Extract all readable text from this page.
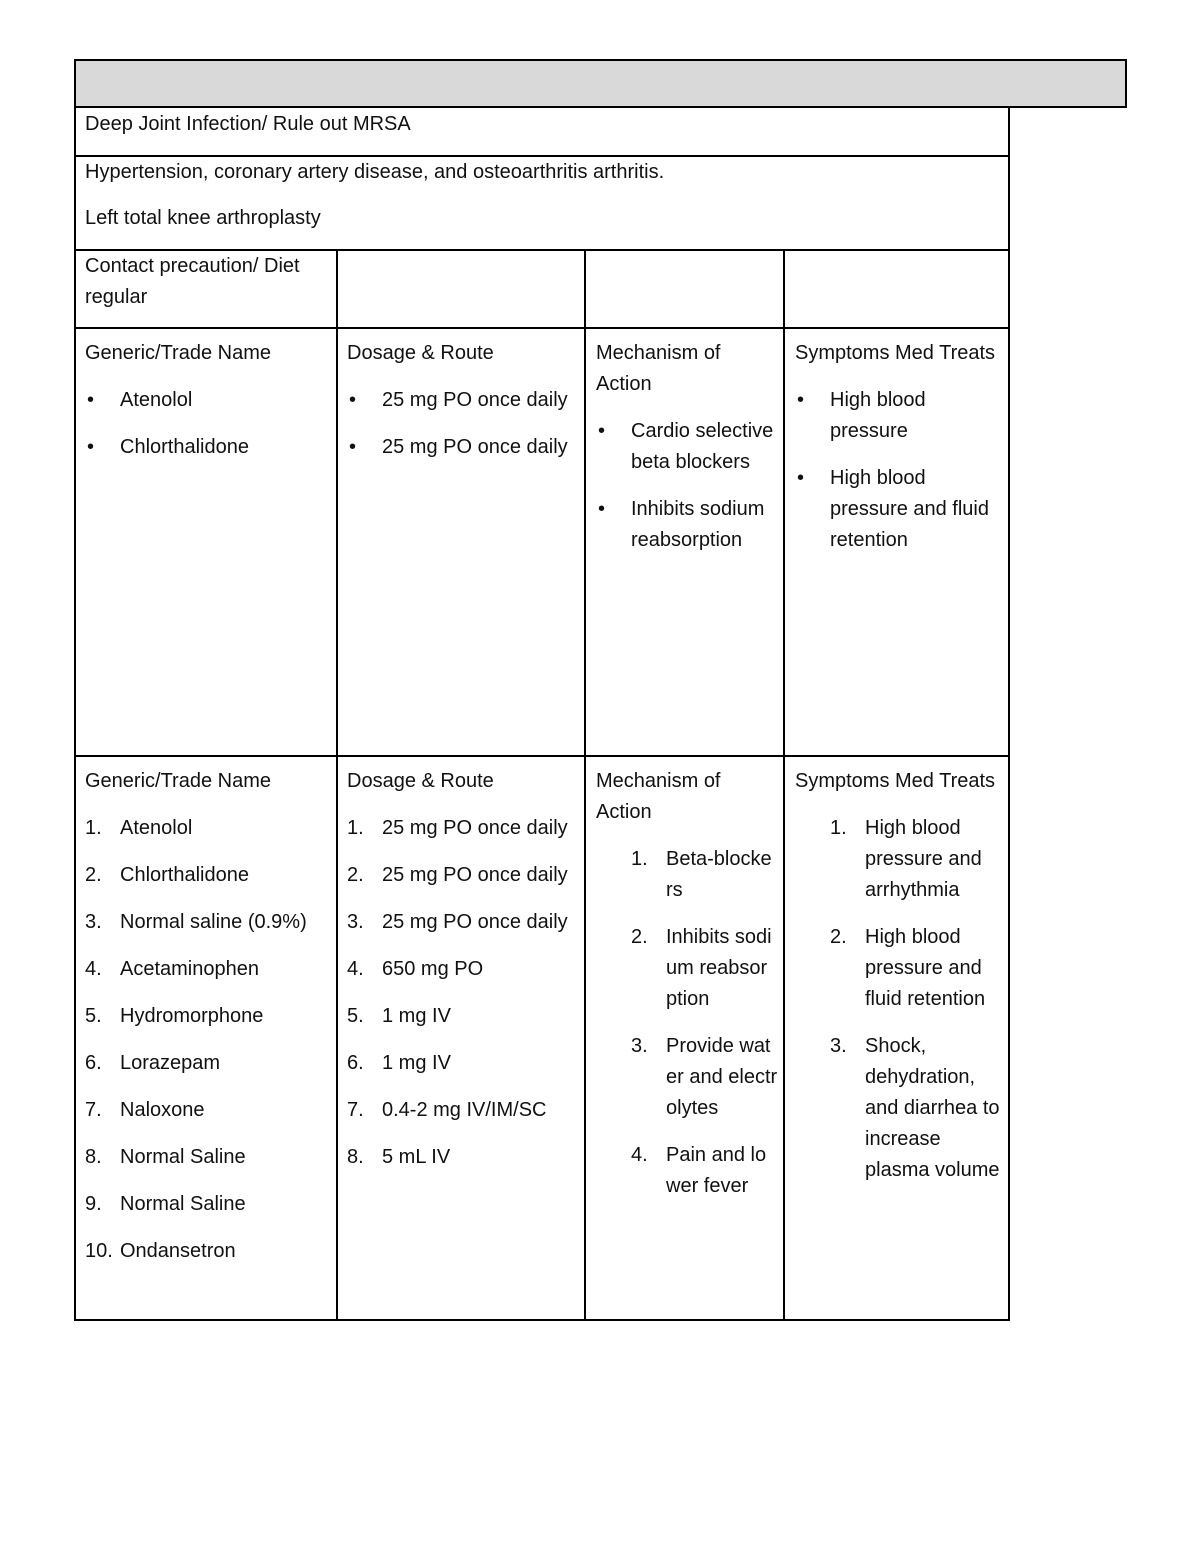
Deep Joint Infection/ Rule out MRSA
Hypertension, coronary artery disease, and osteoarthritis arthritis.
Left total knee arthroplasty
Contact precaution/ Diet regular
Generic/Trade Name
• Atenolol
• Chlorthalidone
Dosage & Route
• 25 mg PO once daily
• 25 mg PO once daily
Mechanism of Action
• Cardio selective beta blockers
• Inhibits sodium reabsorption
Symptoms Med Treats
• High blood pressure
• High blood pressure and fluid retention
Generic/Trade Name
1. Atenolol
2. Chlorthalidone
3. Normal saline (0.9%)
4. Acetaminophen
5. Hydromorphone
6. Lorazepam
7. Naloxone
8. Normal Saline
9. Normal Saline
10. Ondansetron
Dosage & Route
1. 25 mg PO once daily
2. 25 mg PO once daily
3. 25 mg PO once daily
4. 650 mg PO
5. 1 mg IV
6. 1 mg IV
7. 0.4-2 mg IV/IM/SC
8. 5 mL IV
Mechanism of Action
1. Beta-blockers
2. Inhibits sodium reabsorption
3. Provide water and electrolytes
4. Pain and lower fever
Symptoms Med Treats
1. High blood pressure and arrhythmia
2. High blood pressure and fluid retention
3. Shock, dehydration, and diarrhea to increase plasma volume
